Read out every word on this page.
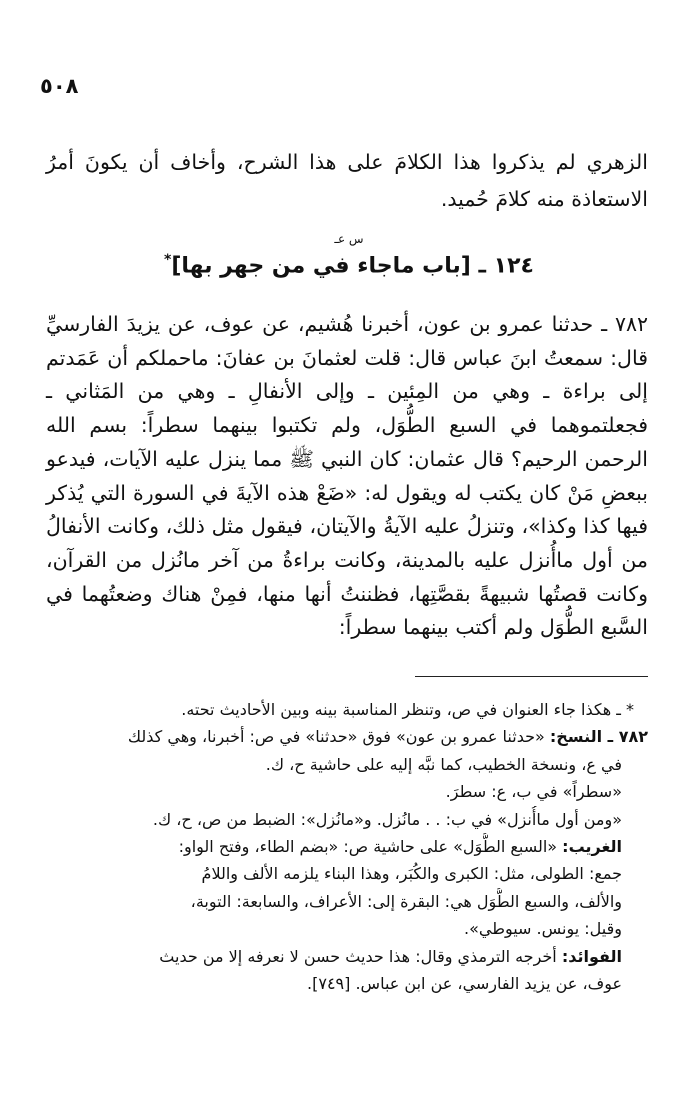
٥٠٨
الزهري لم يذكروا هذا الكلامَ على هذا الشرح، وأخاف أن يكونَ أمرُ الاستعاذة منه كلامَ حُميد.
س عـ
١٢٤ ـ [باب ماجاء في من جهر بها]*
٧٨٢ ـ حدثنا عمرو بن عون، أخبرنا هُشيم، عن عوف، عن يزيدَ الفارسيِّ قال: سمعتُ ابنَ عباس قال: قلت لعثمانَ بن عفانَ: ماحملكم أن عَمَدتم إلى براءة ـ وهي من المِئين ـ وإلى الأنفالِ ـ وهي من المَثاني ـ فجعلتموهما في السبع الطُّوَل، ولم تكتبوا بينهما سطراً: بسم الله الرحمن الرحيم؟ قال عثمان: كان النبي ﷺ مما ينزل عليه الآيات، فيدعو ببعضِ مَنْ كان يكتب له ويقول له: «ضَعْ هذه الآيةَ في السورة التي يُذكر فيها كذا وكذا»، وتنزلُ عليه الآيةُ والآيتان، فيقول مثل ذلك، وكانت الأنفالُ من أول ماأُنزل عليه بالمدينة، وكانت براءةُ من آخر مانُزل من القرآن، وكانت قصتُها شبيهةً بقصَّتِها، فظننتُ أنها منها، فمِنْ هناك وضعتُهما في السَّبع الطُّوَل ولم أكتب بينهما سطراً:
* ـ هكذا جاء العنوان في ص، وتنظر المناسبة بينه وبين الأحاديث تحته.
٧٨٢ ـ النسخ: «حدثنا عمرو بن عون» فوق «حدثنا» في ص: أخبرنا، وهي كذلك
في ع، ونسخة الخطيب، كما نبَّه إليه على حاشية ح، ك.
«سطراً» في ب، ع: سطرَ.
«ومن أول ماأُنزل» في ب: . . مانُزل. و«مانُزل»: الضبط من ص، ح، ك.
الغريب: «السبع الطُّوَل» على حاشية ص: «بضم الطاء، وفتح الواو:
جمع: الطولى، مثل: الكبرى والكُبَر، وهذا البناء يلزمه الألف واللامُ
والألف، والسبع الطُّوَل هي: البقرة إلى: الأعراف، والسابعة: التوبة،
وقيل: يونس. سيوطي».
الفوائد: أخرجه الترمذي وقال: هذا حديث حسن لا نعرفه إلا من حديث
عوف، عن يزيد الفارسي، عن ابن عباس. [٧٤٩].
